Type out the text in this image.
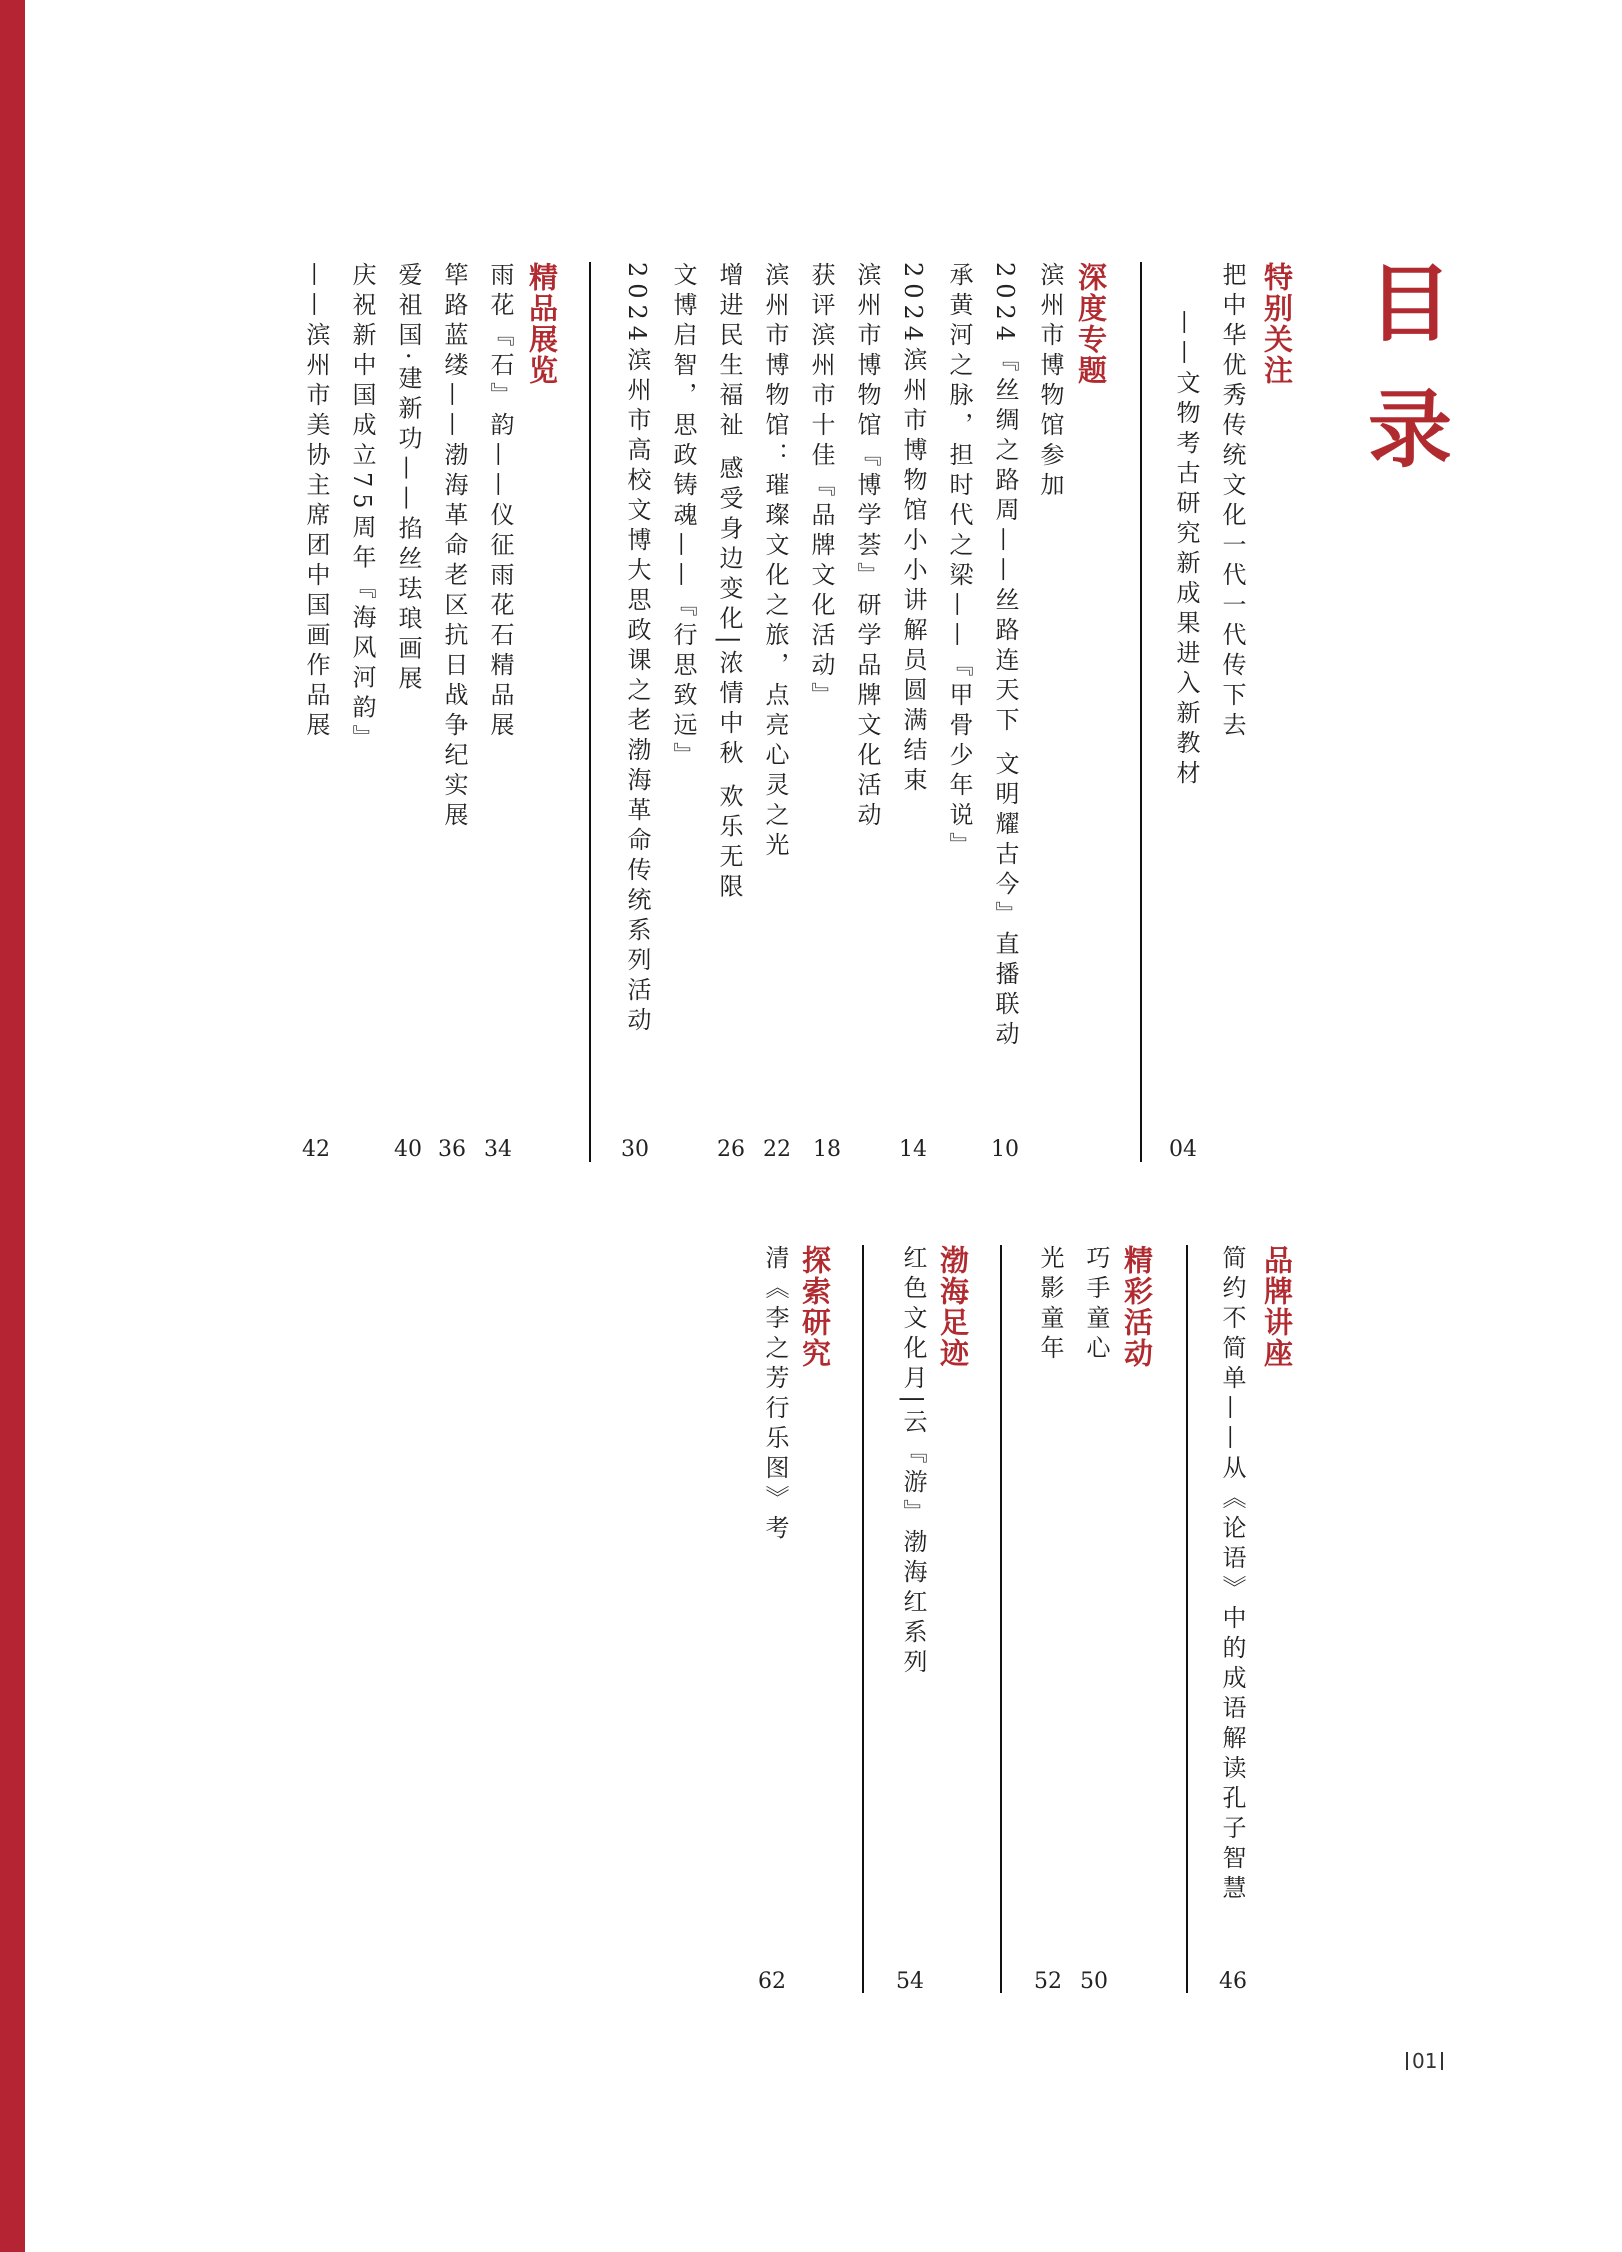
目
录
特别关注
把中华优秀传统文化一代一代传下去
——文物考古研究新成果进入新教材
04
深度专题
滨州市博物馆参加
2024『丝绸之路周——丝路连天下 文明耀古今』直播联动
10
承黄河之脉，担时代之梁——『甲骨少年说』
2024滨州市博物馆小小讲解员圆满结束
14
滨州市博物馆『博学荟』研学品牌文化活动
获评滨州市十佳『品牌文化活动』
18
滨州市博物馆：璀璨文化之旅，点亮心灵之光
22
增进民生福祉 感受身边变化|浓情中秋 欢乐无限
26
文博启智，思政铸魂——『行思致远』
2024滨州市高校文博大思政课之老渤海革命传统系列活动
30
精品展览
雨花『石』韵——仪征雨花石精品展
34
筚路蓝缕——渤海革命老区抗日战争纪实展
36
爱祖国·建新功——掐丝珐琅画展
40
庆祝新中国成立75周年『海风河韵』
——滨州市美协主席团中国画作品展
42
品牌讲座
简约不简单——从《论语》中的成语解读孔子智慧
46
精彩活动
巧手童心
50
光影童年
52
渤海足迹
红色文化月|云『游』渤海红系列
54
探索研究
清《李之芳行乐图》考
62
01
